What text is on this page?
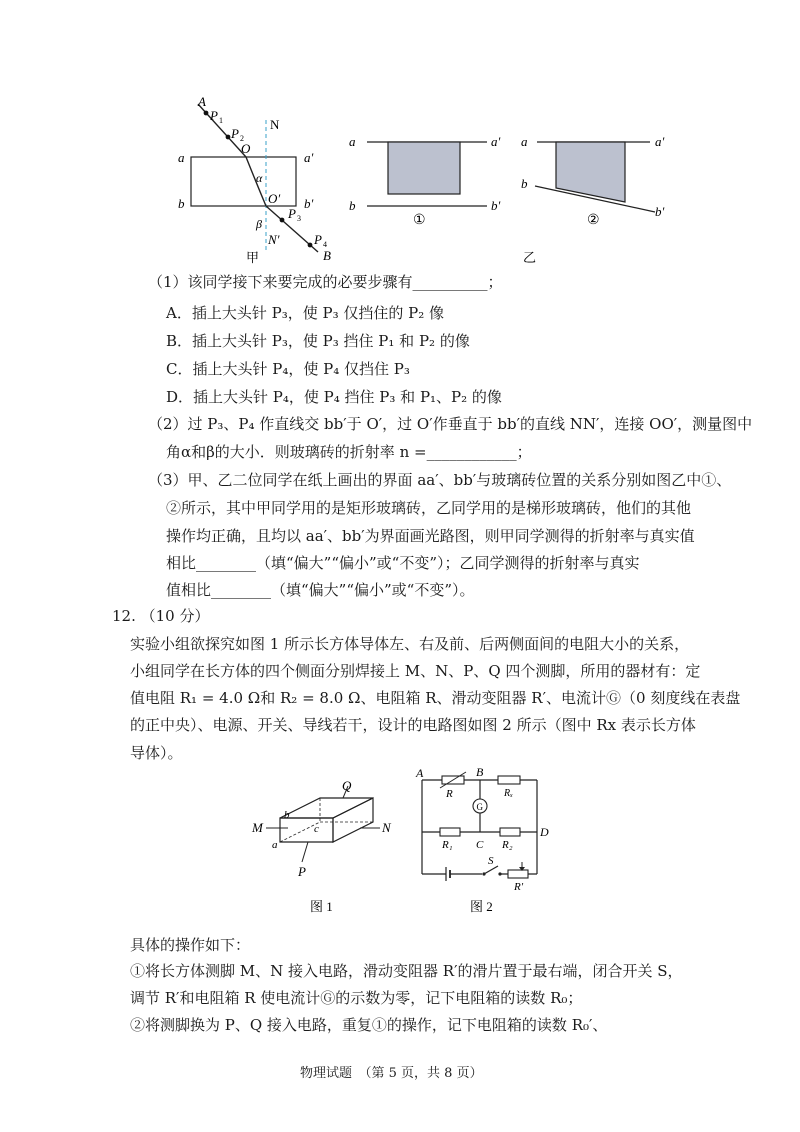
A
P 1
P 2
O
N
a	a′
b	b′
α
O′
β
P 3
N′	P 4
B
甲
a	a′
b	b′
①
a	a′
b
b′
②
乙
（1）该同学接下来要完成的必要步骤有__________；
A．插上大头针 P₃，使 P₃ 仅挡住的 P₂ 像
B．插上大头针 P₃，使 P₃ 挡住 P₁ 和 P₂ 的像
C．插上大头针 P₄，使 P₄ 仅挡住 P₃
D．插上大头针 P₄，使 P₄ 挡住 P₃ 和 P₁、P₂ 的像
（2）过 P₃、P₄ 作直线交 bb′于 O′，过 O′作垂直于 bb′的直线 NN′，连接 OO′，测量图中
角α和β的大小．则玻璃砖的折射率 n =____________；
（3）甲、乙二位同学在纸上画出的界面 aa′、bb′与玻璃砖位置的关系分别如图乙中①、
②所示，其中甲同学用的是矩形玻璃砖，乙同学用的是梯形玻璃砖，他们的其他
操作均正确，且均以 aa′、bb′为界面画光路图，则甲同学测得的折射率与真实值
相比________（填“偏大”“偏小”或“不变”）；乙同学测得的折射率与真实
值相比________（填“偏大”“偏小”或“不变”）。
12. （10 分）
实验小组欲探究如图 1 所示长方体导体左、右及前、后两侧面间的电阻大小的关系，
小组同学在长方体的四个侧面分别焊接上 M、N、P、Q 四个测脚，所用的器材有：定
值电阻 R₁ = 4.0 Ω和 R₂ = 8.0 Ω、电阻箱 R、滑动变阻器 R′、电流计Ⓖ（0 刻度线在表盘
的正中央）、电源、开关、导线若干，设计的电路图如图 2 所示（图中 Rx 表示长方体
导体）。
Q
M	N
P
a
b
c
图 1
G
A	B
R	Rₓ
R₁ C R₂
D
S
R′
图 2
具体的操作如下：
①将长方体测脚 M、N 接入电路，滑动变阻器 R′的滑片置于最右端，闭合开关 S，
调节 R′和电阻箱 R 使电流计Ⓖ的示数为零，记下电阻箱的读数 R₀；
②将测脚换为 P、Q 接入电路，重复①的操作，记下电阻箱的读数 R₀′、
物理试题　（第 5 页，共 8 页）
